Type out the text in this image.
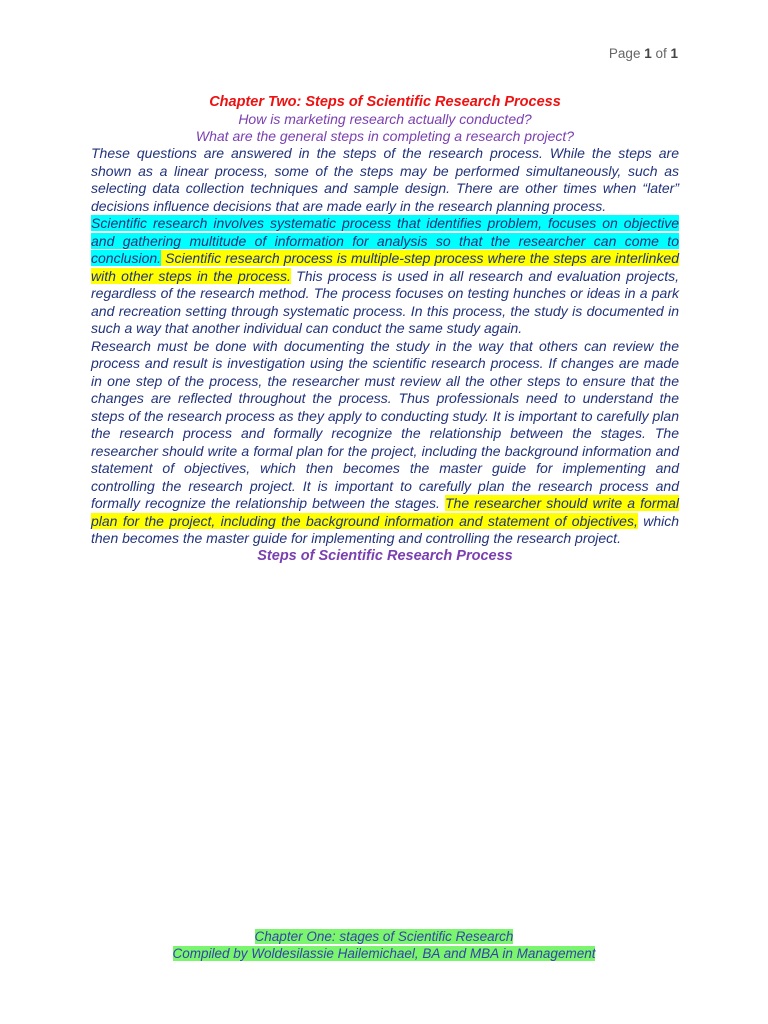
Page 1 of 1

Chapter Two: Steps of Scientific Research Process

How is marketing research actually conducted?

What are the general steps in completing a research project?

These questions are answered in the steps of the research process. While the steps are shown as a linear process, some of the steps may be performed simultaneously, such as selecting data collection techniques and sample design. There are other times when “later” decisions influence decisions that are made early in the research planning process.

Scientific research involves systematic process that identifies problem, focuses on objective and gathering multitude of information for analysis so that the researcher can come to conclusion. Scientific research process is multiple-step process where the steps are interlinked with other steps in the process. This process is used in all research and evaluation projects, regardless of the research method. The process focuses on testing hunches or ideas in a park and recreation setting through systematic process. In this process, the study is documented in such a way that another individual can conduct the same study again.

Research must be done with documenting the study in the way that others can review the process and result is investigation using the scientific research process. If changes are made in one step of the process, the researcher must review all the other steps to ensure that the changes are reflected throughout the process. Thus professionals need to understand the steps of the research process as they apply to conducting study. It is important to carefully plan the research process and formally recognize the relationship between the stages. The researcher should write a formal plan for the project, including the background information and statement of objectives, which then becomes the master guide for implementing and controlling the research project. It is important to carefully plan the research process and formally recognize the relationship between the stages. The researcher should write a formal plan for the project, including the background information and statement of objectives, which then becomes the master guide for implementing and controlling the research project.

Steps of Scientific Research Process

Chapter One: stages of Scientific Research
Compiled by Woldesilassie Hailemichael, BA and MBA in Management
